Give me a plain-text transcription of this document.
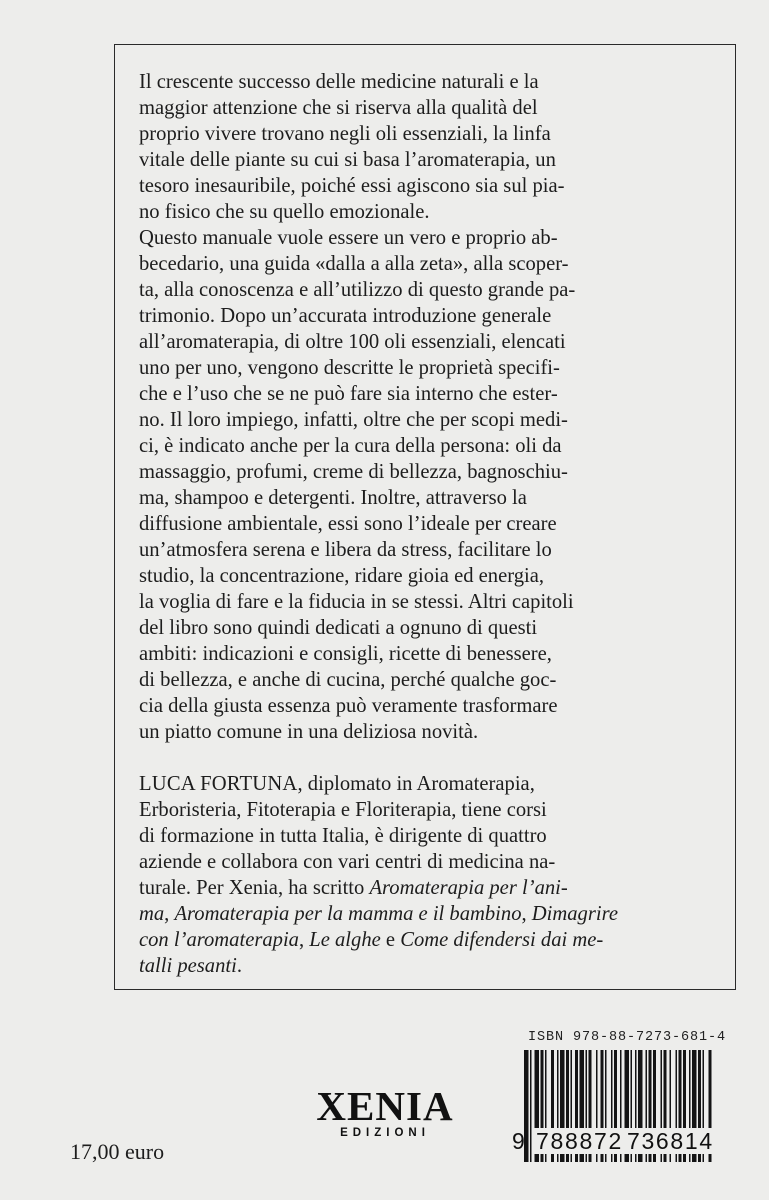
Il crescente successo delle medicine naturali e la
maggior attenzione che si riserva alla qualità del
proprio vivere trovano negli oli essenziali, la linfa
vitale delle piante su cui si basa l’aromaterapia, un
tesoro inesauribile, poiché essi agiscono sia sul pia-
no fisico che su quello emozionale.
Questo manuale vuole essere un vero e proprio ab-
becedario, una guida «dalla a alla zeta», alla scoper-
ta, alla conoscenza e all’utilizzo di questo grande pa-
trimonio. Dopo un’accurata introduzione generale
all’aromaterapia, di oltre 100 oli essenziali, elencati
uno per uno, vengono descritte le proprietà specifi-
che e l’uso che se ne può fare sia interno che ester-
no. Il loro impiego, infatti, oltre che per scopi medi-
ci, è indicato anche per la cura della persona: oli da
massaggio, profumi, creme di bellezza, bagnoschiu-
ma, shampoo e detergenti. Inoltre, attraverso la
diffusione ambientale, essi sono l’ideale per creare
un’atmosfera serena e libera da stress, facilitare lo
studio, la concentrazione, ridare gioia ed energia,
la voglia di fare e la fiducia in se stessi. Altri capitoli
del libro sono quindi dedicati a ognuno di questi
ambiti: indicazioni e consigli, ricette di benessere,
di bellezza, e anche di cucina, perché qualche goc-
cia della giusta essenza può veramente trasformare
un piatto comune in una deliziosa novità.
LUCA FORTUNA, diplomato in Aromaterapia,
Erboristeria, Fitoterapia e Floriterapia, tiene corsi
di formazione in tutta Italia, è dirigente di quattro
aziende e collabora con vari centri di medicina na-
turale. Per Xenia, ha scritto Aromaterapia per l’ani-
ma, Aromaterapia per la mamma e il bambino, Dimagrire
con l’aromaterapia, Le alghe e Come difendersi dai me-
talli pesanti.
ISBN 978-88-7273-681-4
9 788872 736814
XENIA
EDIZIONI
17,00 euro
